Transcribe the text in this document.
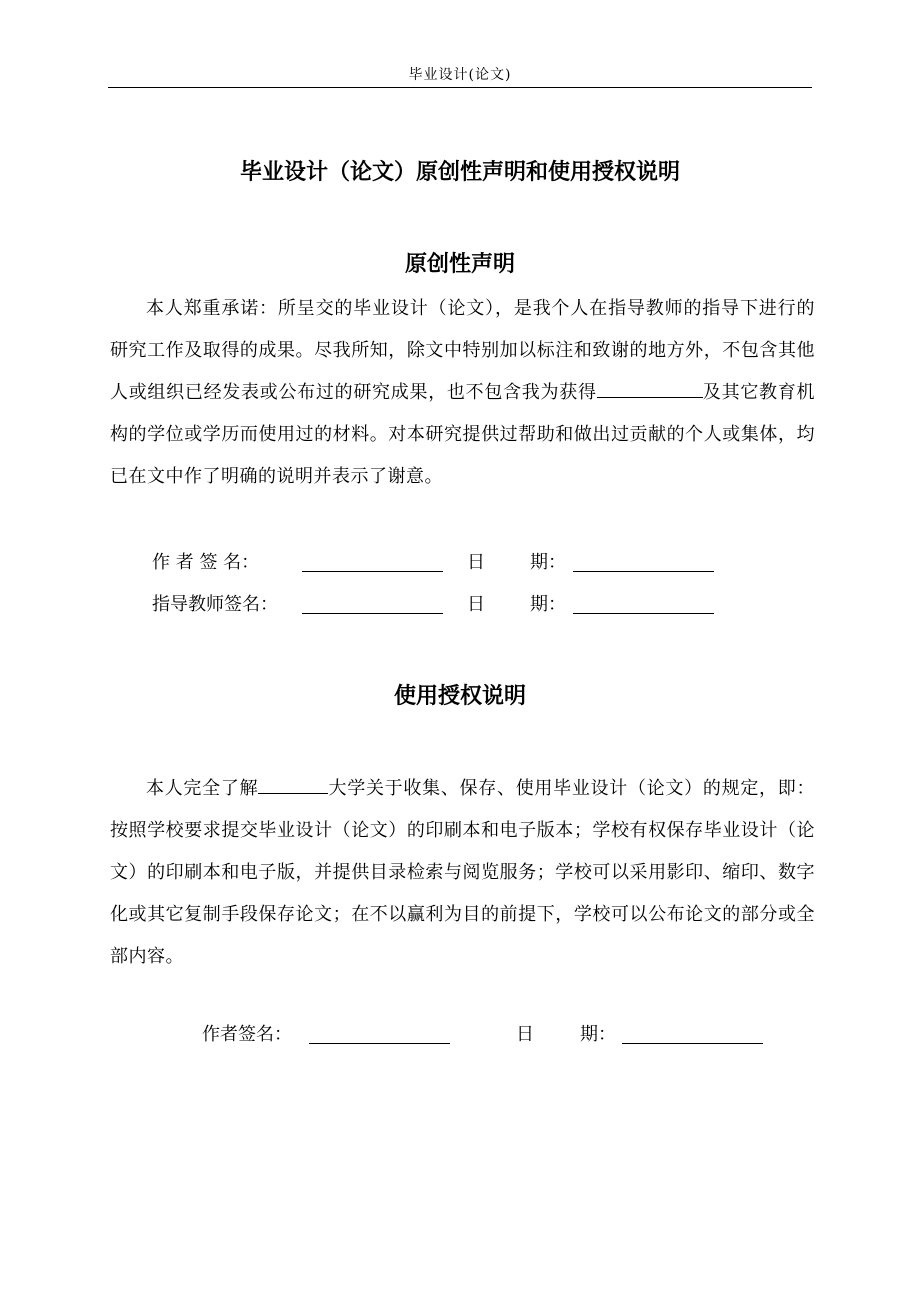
毕业设计(论文)
毕业设计（论文）原创性声明和使用授权说明
原创性声明

本人郑重承诺：所呈交的毕业设计（论文），是我个人在指导教师的指导下进行的研究工作及取得的成果。尽我所知，除文中特别加以标注和致谢的地方外，不包含其他人或组织已经发表或公布过的研究成果，也不包含我为获得	及其它教育机构的学位或学历而使用过的材料。对本研究提供过帮助和做出过贡献的个人或集体，均已在文中作了明确的说明并表示了谢意。

作 者 签 名：	日	期：
指导教师签名：	日	期：
使用授权说明

本人完全了解	大学关于收集、保存、使用毕业设计（论文）的规定，即：按照学校要求提交毕业设计（论文）的印刷本和电子版本；学校有权保存毕业设计（论文）的印刷本和电子版，并提供目录检索与阅览服务；学校可以采用影印、缩印、数字化或其它复制手段保存论文；在不以赢利为目的前提下，学校可以公布论文的部分或全部内容。

作者签名：	日	期：
